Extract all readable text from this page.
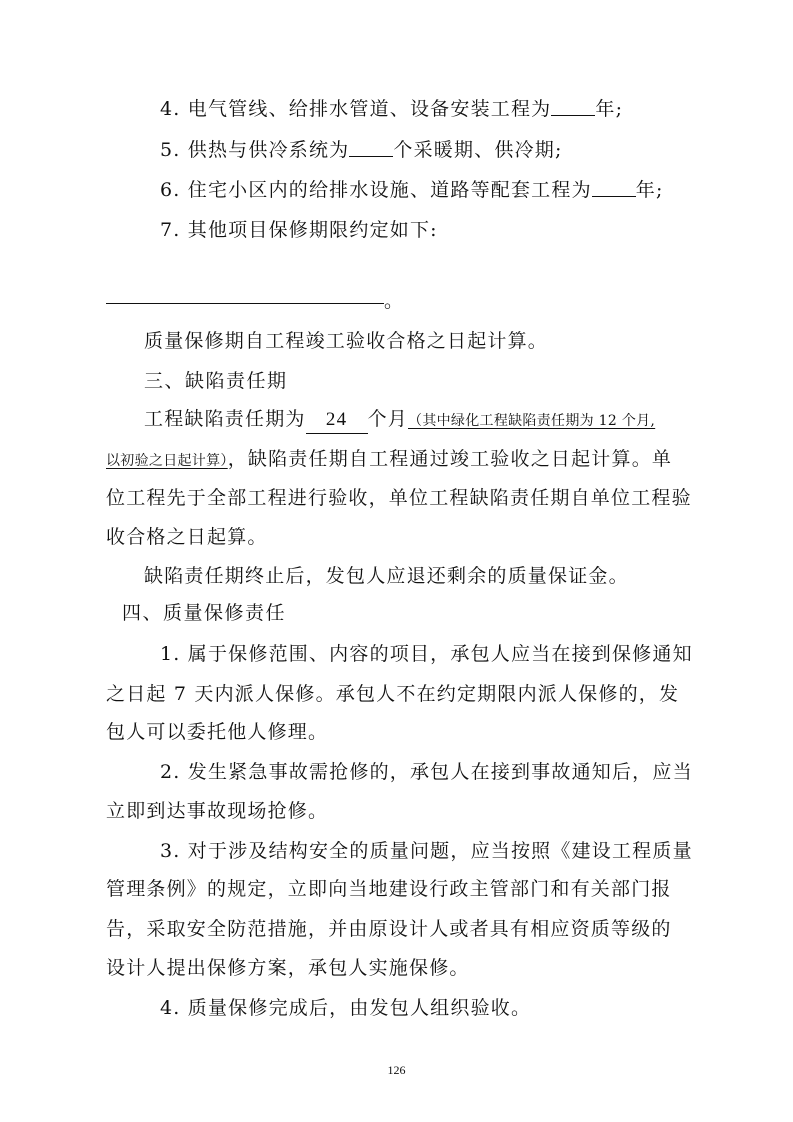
4. 电气管线、给排水管道、设备安装工程为 年;
5. 供热与供冷系统为 个采暖期、供冷期;
6. 住宅小区内的给排水设施、道路等配套工程为 年;
7. 其他项目保修期限约定如下:
。
质量保修期自工程竣工验收合格之日起计算。
三、缺陷责任期
工程缺陷责任期为 24 个月（其中绿化工程缺陷责任期为 12 个月,
以初验之日起计算），缺陷责任期自工程通过竣工验收之日起计算。单
位工程先于全部工程进行验收，单位工程缺陷责任期自单位工程验
收合格之日起算。
缺陷责任期终止后，发包人应退还剩余的质量保证金。
四、质量保修责任
1. 属于保修范围、内容的项目，承包人应当在接到保修通知
之日起 7 天内派人保修。承包人不在约定期限内派人保修的，发
包人可以委托他人修理。
2. 发生紧急事故需抢修的，承包人在接到事故通知后，应当
立即到达事故现场抢修。
3. 对于涉及结构安全的质量问题，应当按照《建设工程质量
管理条例》的规定，立即向当地建设行政主管部门和有关部门报
告，采取安全防范措施，并由原设计人或者具有相应资质等级的
设计人提出保修方案，承包人实施保修。
4. 质量保修完成后，由发包人组织验收。
126
